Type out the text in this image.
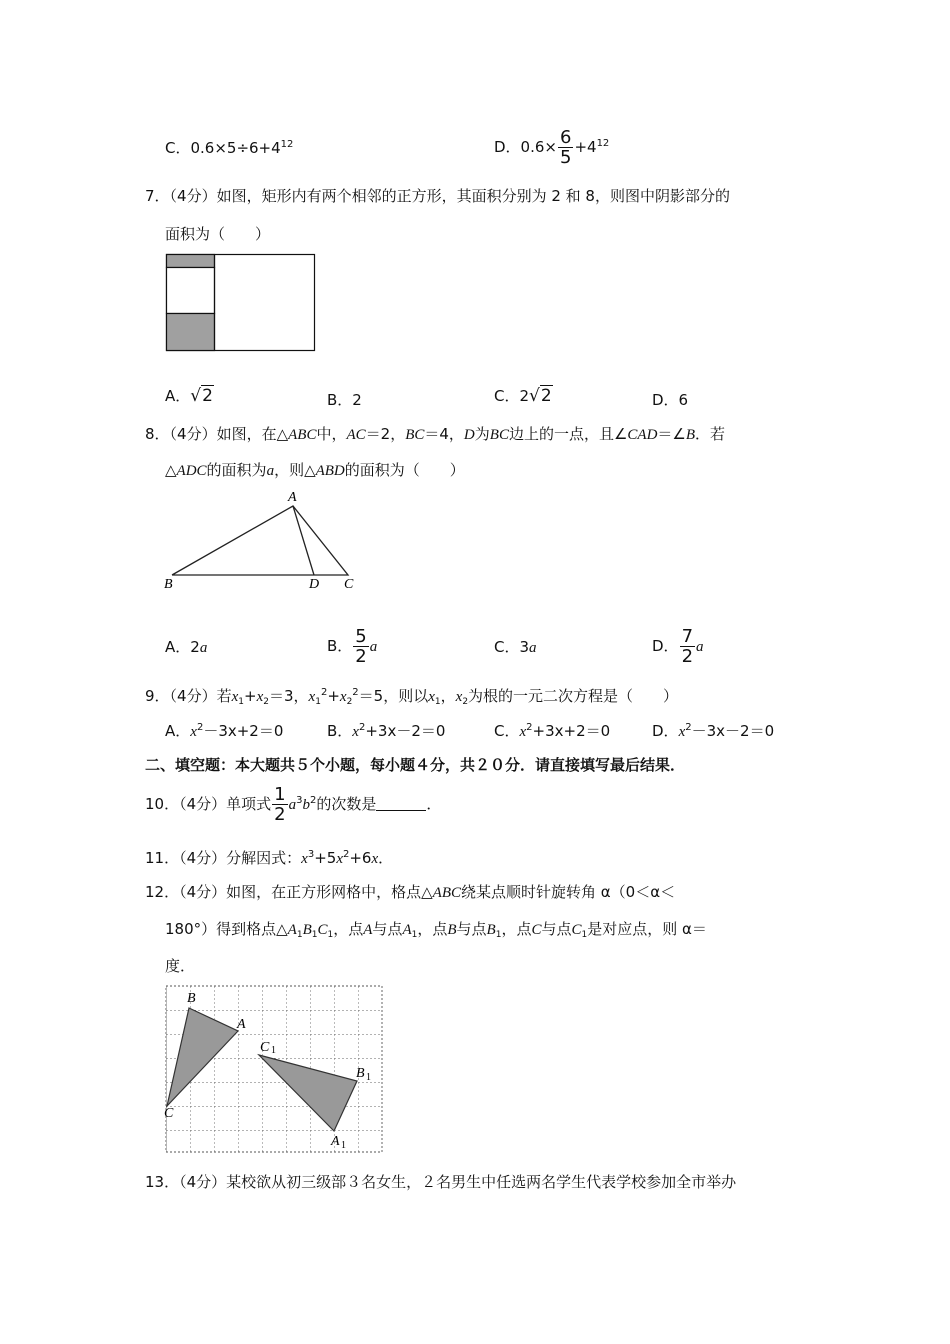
C．$0.6\times 5\div 6+4^{12}$	D．$0.6\times \frac{6}{5} +4^{12}$
7．（4分）如图，矩形内有两个相邻的正方形，其面积分别为 2 和 8，则图中阴影部分的
面积为（　　）
A．√2	B．2	C．2√2	D．6
8．（4分）如图，在△ABC中，AC＝2，BC＝4，D为BC边上的一点，且∠CAD＝∠B．若
△ADC的面积为a，则△ABD的面积为（　　）
A
B	D C
A．2a	B． $\frac{5}{2}$ a	C．3a	D． $\frac{7}{2}$ a
9．（4分）若$x_1+x_2=3$，$x_1^2+x_2^2=5$，则以$x_1$，$x_2$为根的一元二次方程是（　　）
A．$x^2-3x+2=0$	B．$x^2+3x-2=0$	C．$x^2+3x+2=0$	D．$x^2-3x-2=0$
二、填空题：本大题共５个小题，每小题４分，共２０分．请直接填写最后结果．
10．（4分）单项式 $\frac{1}{2} a^3b^2$的次数是	．
11．（4分）分解因式：$x^3+5x^2+6x$．
12．（4分）如图，在正方形网格中，格点△ABC绕某点顺时针旋转角 α（0＜α＜
180°）得到格点$\triangle A_1B_1C_1$，点A与点$A_1$，点B与点$B_1$，点C与点$C_1$是对应点，则 α＝
度．
B
A
C
C 1
B 1
A 1
13．（4分）某校欲从初三级部３名女生，２名男生中任选两名学生代表学校参加全市举办
